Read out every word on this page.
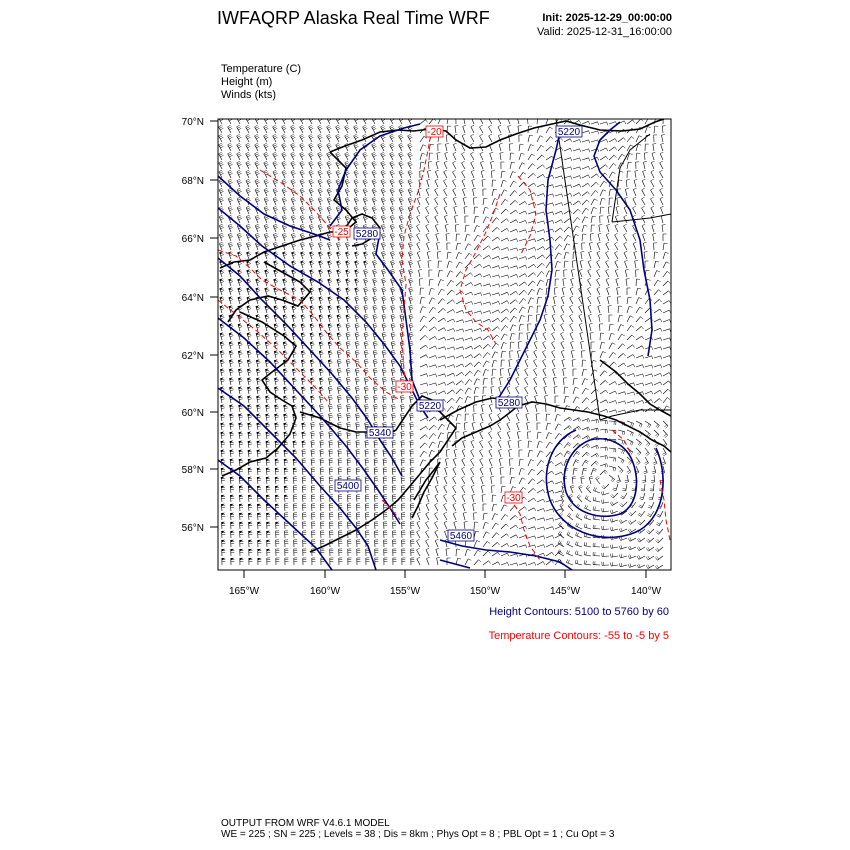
IWFAQRP Alaska Real Time WRF	Init: 2025-12-29_00:00:00
Valid: 2025-12-31_16:00:00
Temperature (C)
Height (m)
Winds (kts)
5220
5280
5220	5280
5340
5400
5460
-20
-25
-30
-30
70°N
68°N
66°N
64°N
62°N
60°N
58°N
56°N
165°W	160°W	155°W	150°W	145°W	140°W
Height Contours: 5100 to 5760 by 60
Temperature Contours: -55 to -5 by 5
OUTPUT FROM WRF V4.6.1 MODEL
WE = 225 ; SN = 225 ; Levels = 38 ; Dis = 8km ; Phys Opt = 8 ; PBL Opt = 1 ; Cu Opt = 3
